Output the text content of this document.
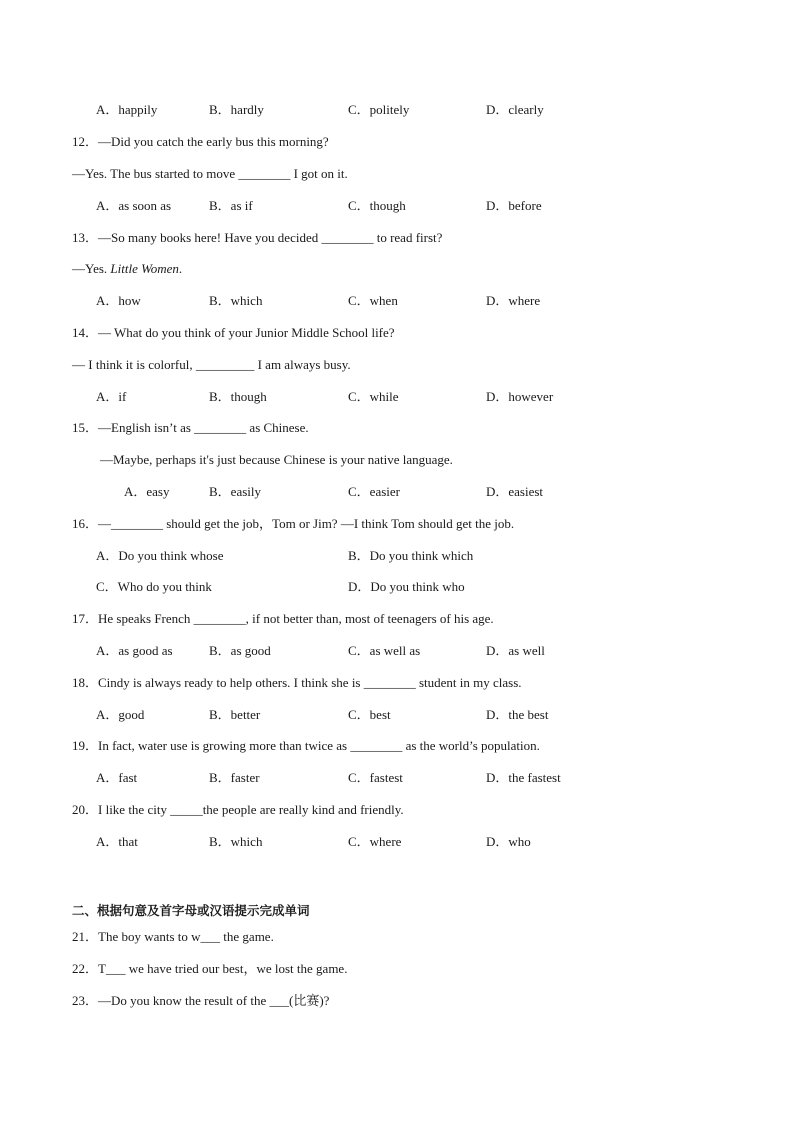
A．happily	B．hardly	C．politely	D．clearly
12．—Did you catch the early bus this morning?
—Yes. The bus started to move ________ I got on it.
A．as soon as	B．as if	C．though	D．before
13．—So many books here! Have you decided ________ to read first?
—Yes. Little Women.
A．how	B．which	C．when	D．where
14．— What do you think of your Junior Middle School life?
— I think it is colorful, _________ I am always busy.
A．if	B．though	C．while	D．however
15．—English isn’t as ________ as Chinese.
—Maybe, perhaps it's just because Chinese is your native language.
A．easy	B．easily	C．easier	D．easiest
16．—________ should get the job，Tom or Jim? —I think Tom should get the job.
A．Do you think whose	B．Do you think which
C．Who do you think	D．Do you think who
17．He speaks French ________, if not better than, most of teenagers of his age.
A．as good as	B．as good	C．as well as	D．as well
18．Cindy is always ready to help others. I think she is ________ student in my class.
A．good	B．better	C．best	D．the best
19．In fact, water use is growing more than twice as ________ as the world’s population.
A．fast	B．faster	C．fastest	D．the fastest
20．I like the city _____the people are really kind and friendly.
A．that	B．which	C．where	D．who
二、根据句意及首字母或汉语提示完成单词
21．The boy wants to w___ the game.
22．T___ we have tried our best，we lost the game.
23．—Do you know the result of the ___(比赛)?
